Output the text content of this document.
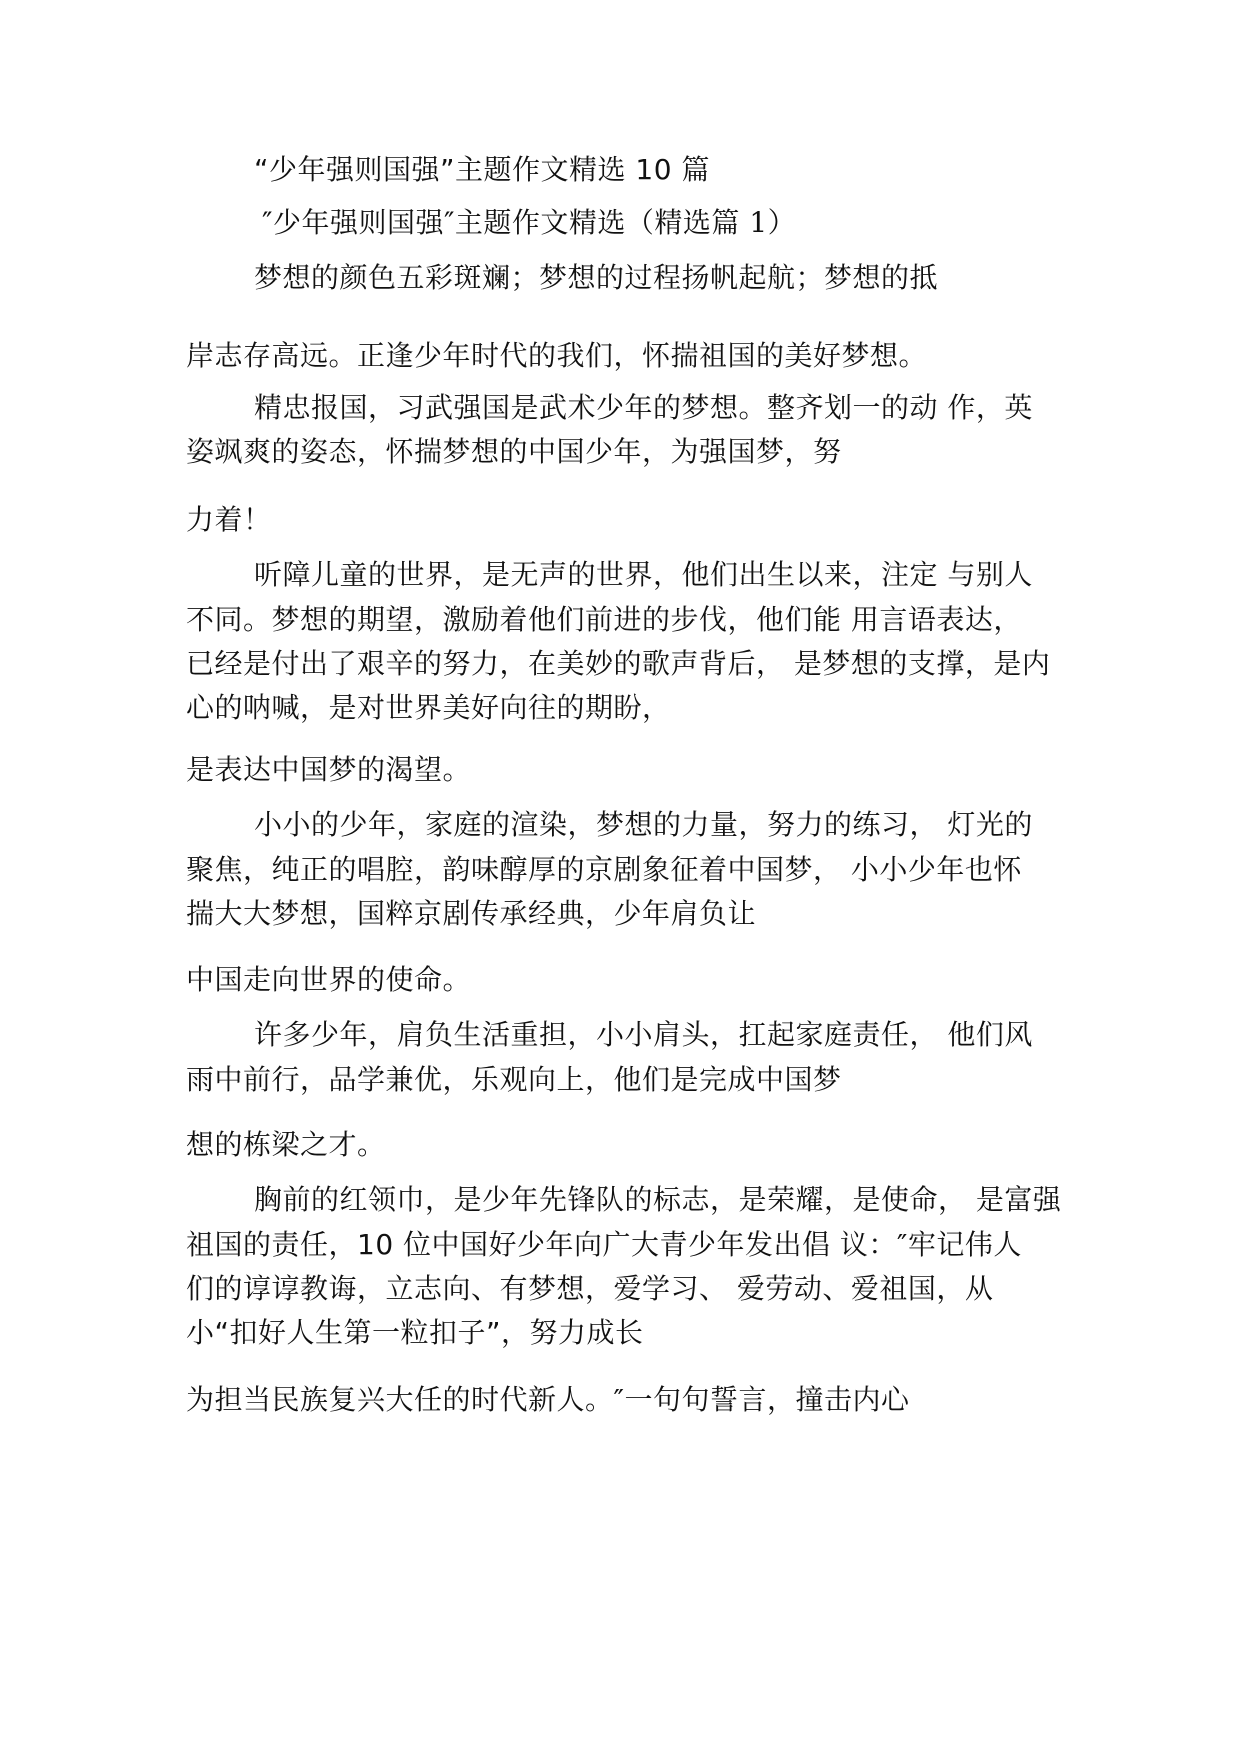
“少年强则国强”主题作文精选 10 篇
″少年强则国强″主题作文精选（精选篇 1）
梦想的颜色五彩斑斓；梦想的过程扬帆起航；梦想的抵
岸志存高远。正逢少年时代的我们，怀揣祖国的美好梦想。
精忠报国，习武强国是武术少年的梦想。整齐划一的动 作，英
姿飒爽的姿态，怀揣梦想的中国少年，为强国梦，努
力着！
听障儿童的世界，是无声的世界，他们出生以来，注定 与别人
不同。梦想的期望，激励着他们前进的步伐，他们能 用言语表达，
已经是付出了艰辛的努力，在美妙的歌声背后， 是梦想的支撑，是内
心的呐喊，是对世界美好向往的期盼，
是表达中国梦的渴望。
小小的少年，家庭的渲染，梦想的力量，努力的练习， 灯光的
聚焦，纯正的唱腔，韵味醇厚的京剧象征着中国梦， 小小少年也怀
揣大大梦想，国粹京剧传承经典，少年肩负让
中国走向世界的使命。
许多少年，肩负生活重担，小小肩头，扛起家庭责任， 他们风
雨中前行，品学兼优，乐观向上，他们是完成中国梦
想的栋梁之才。
胸前的红领巾，是少年先锋队的标志，是荣耀，是使命， 是富强
祖国的责任，10 位中国好少年向广大青少年发出倡 议：″牢记伟人
们的谆谆教诲，立志向、有梦想，爱学习、 爱劳动、爱祖国，从
小“扣好人生第一粒扣子”，努力成长
为担当民族复兴大任的时代新人。″一句句誓言，撞击内心
